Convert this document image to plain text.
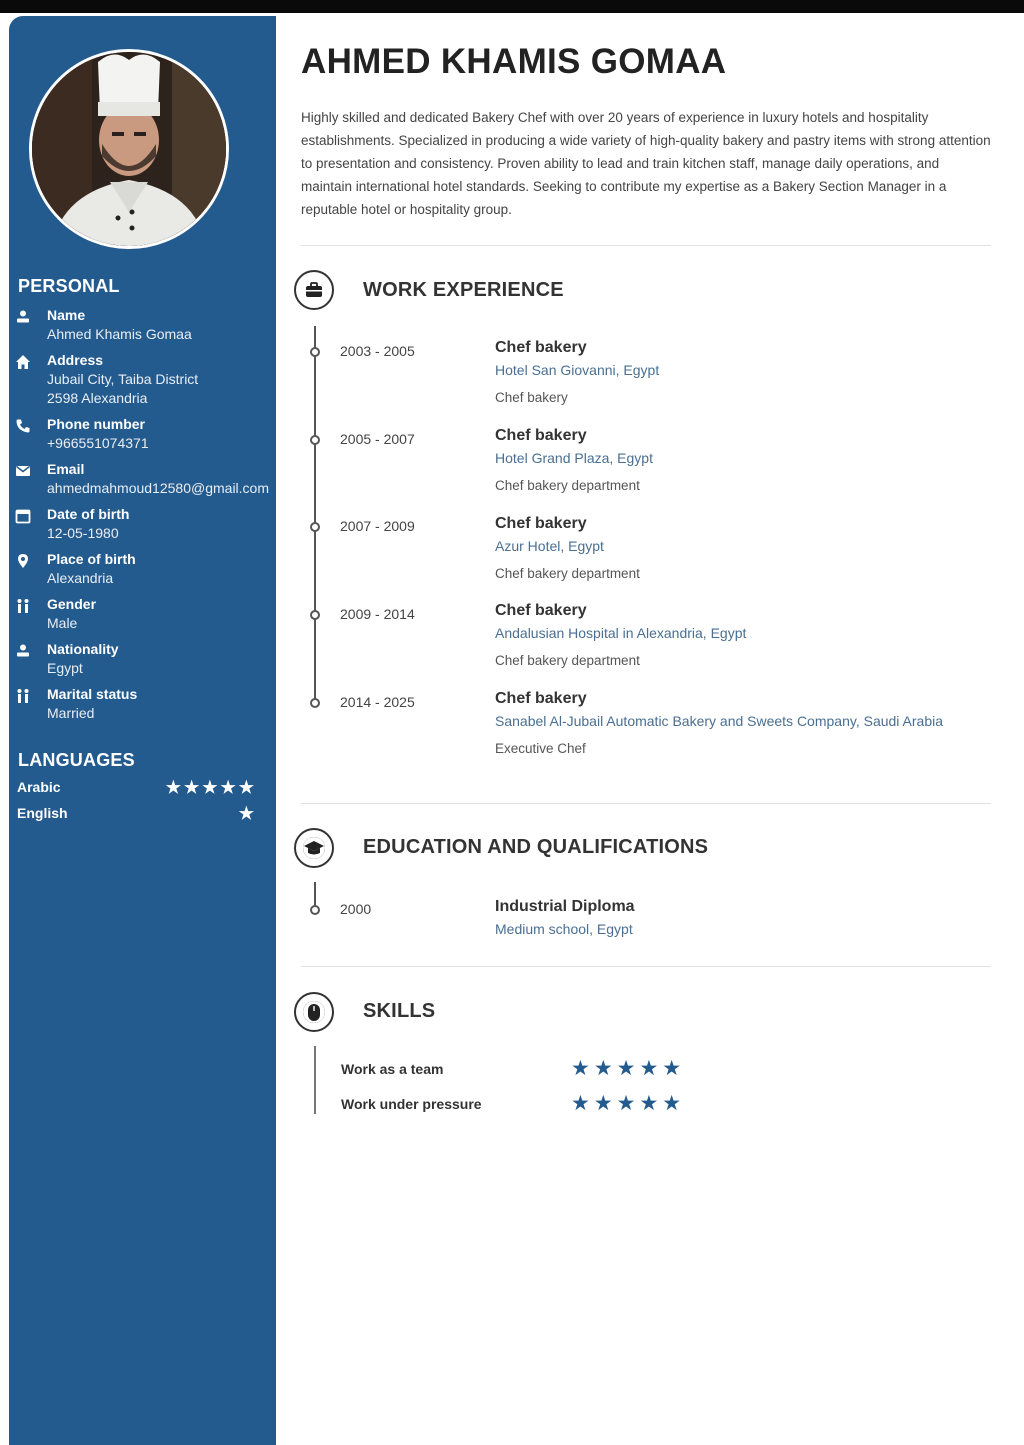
PERSONAL
Name
Ahmed Khamis Gomaa
Address
Jubail City, Taiba District
2598 Alexandria
Phone number
+966551074371
Email
ahmedmahmoud12580@gmail.com
Date of birth
12-05-1980
Place of birth
Alexandria
Gender
Male
Nationality
Egypt
Marital status
Married
LANGUAGES
Arabic	★★★★★
English	★
AHMED KHAMIS GOMAA
Highly skilled and dedicated Bakery Chef with over 20 years of experience in luxury hotels and hospitality establishments. Specialized in producing a wide variety of high-quality bakery and pastry items with strong attention to presentation and consistency. Proven ability to lead and train kitchen staff, manage daily operations, and maintain international hotel standards. Seeking to contribute my expertise as a Bakery Section Manager in a reputable hotel or hospitality group.
WORK EXPERIENCE
2003 - 2005	Chef bakery
Hotel San Giovanni, Egypt
Chef bakery
2005 - 2007	Chef bakery
Hotel Grand Plaza, Egypt
Chef bakery department
2007 - 2009	Chef bakery
Azur Hotel, Egypt
Chef bakery department
2009 - 2014	Chef bakery
Andalusian Hospital in Alexandria, Egypt
Chef bakery department
2014 - 2025	Chef bakery
Sanabel Al-Jubail Automatic Bakery and Sweets Company, Saudi Arabia
Executive Chef
EDUCATION AND QUALIFICATIONS
2000	Industrial Diploma
Medium school, Egypt
SKILLS
Work as a team	★★★★★
Work under pressure	★★★★★
